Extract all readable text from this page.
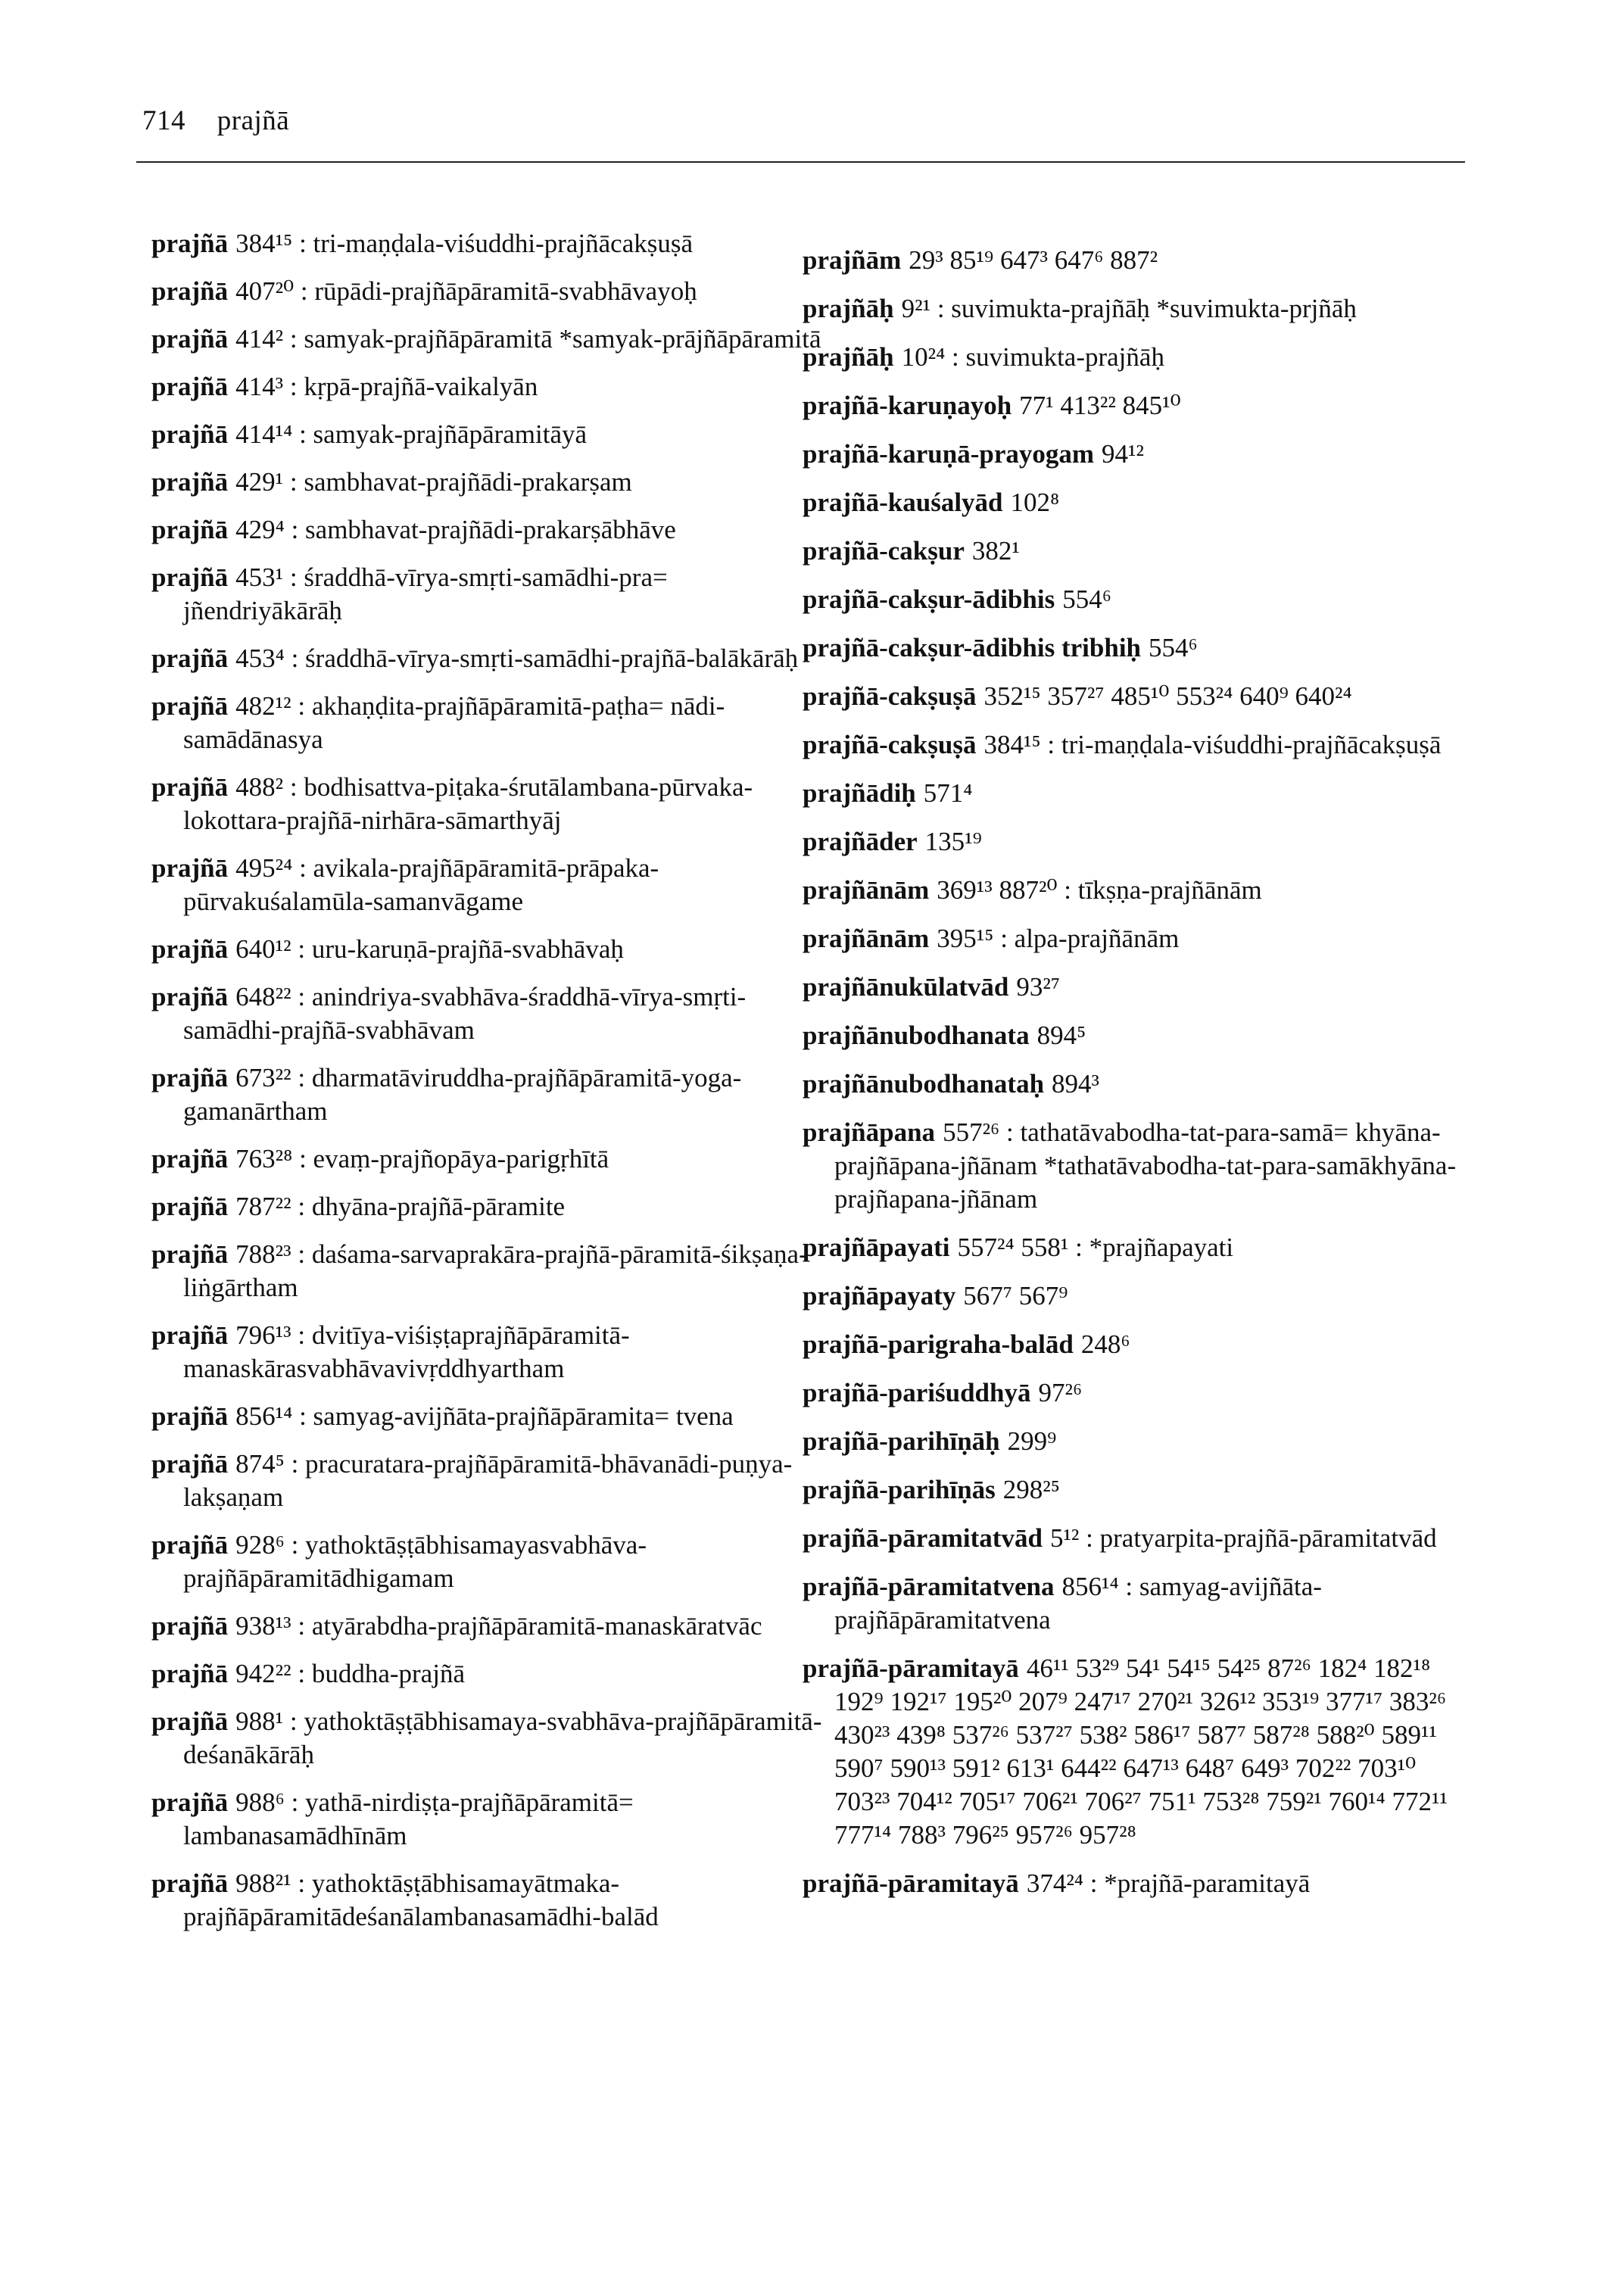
714 prajñā

prajñā 384¹⁵ : tri-maṇḍala-viśuddhi-prajñācakṣuṣā

prajñā 407²⁰ : rūpādi-prajñāpāramitā-svabhāvayoḥ

prajñā 414² : samyak-prajñāpāramitā *samyak-prājñāpāramitā

prajñā 414³ : kṛpā-prajñā-vaikalyān

prajñā 414¹⁴ : samyak-prajñāpāramitāyā

prajñā 429¹ : sambhavat-prajñādi-prakarṣam

prajñā 429⁴ : sambhavat-prajñādi-prakarṣābhāve

prajñā 453¹ : śraddhā-vīrya-smṛti-samādhi-pra= jñendriyākārāḥ

prajñā 453⁴ : śraddhā-vīrya-smṛti-samādhi-prajñā-balākārāḥ

prajñā 482¹² : akhaṇḍita-prajñāpāramitā-paṭha= nādi-samādānasya

prajñā 488² : bodhisattva-piṭaka-śrutālambana-pūrvaka-lokottara-prajñā-nirhāra-sāmarthyāj

prajñā 495²⁴ : avikala-prajñāpāramitā-prāpaka-pūrvakuśalamūla-samanvāgame

prajñā 640¹² : uru-karuṇā-prajñā-svabhāvaḥ

prajñā 648²² : anindriya-svabhāva-śraddhā-vīrya-smṛti-samādhi-prajñā-svabhāvam

prajñā 673²² : dharmatāviruddha-prajñāpāramitā-yoga-gamanārtham

prajñā 763²⁸ : evaṃ-prajñopāya-parigṛhītā

prajñā 787²² : dhyāna-prajñā-pāramite

prajñā 788²³ : daśama-sarvaprakāra-prajñā-pāramitā-śikṣaṇa-liṅgārtham

prajñā 796¹³ : dvitīya-viśiṣṭaprajñāpāramitā-manaskārasvabhāvavivṛddhyartham

prajñā 856¹⁴ : samyag-avijñāta-prajñāpāramita= tvena

prajñā 874⁵ : pracuratara-prajñāpāramitā-bhāvanādi-puṇya-lakṣaṇam

prajñā 928⁶ : yathoktāṣṭābhisamayasvabhāva-prajñāpāramitādhigamam

prajñā 938¹³ : atyārabdha-prajñāpāramitā-manaskāratvāc

prajñā 942²² : buddha-prajñā

prajñā 988¹ : yathoktāṣṭābhisamaya-svabhāva-prajñāpāramitā-deśanākārāḥ

prajñā 988⁶ : yathā-nirdiṣṭa-prajñāpāramitā= lambanasamādhīnām

prajñā 988²¹ : yathoktāṣṭābhisamayātmaka-prajñāpāramitādeśanālambanasamādhi-balād

prajñām 29³ 85¹⁹ 647³ 647⁶ 887²

prajñāḥ 9²¹ : suvimukta-prajñāḥ *suvimukta-prjñāḥ

prajñāḥ 10²⁴ : suvimukta-prajñāḥ

prajñā-karuṇayoḥ 77¹ 413²² 845¹⁰

prajñā-karuṇā-prayogam 94¹²

prajñā-kauśalyād 102⁸

prajñā-cakṣur 382¹

prajñā-cakṣur-ādibhis 554⁶

prajñā-cakṣur-ādibhis tribhiḥ 554⁶

prajñā-cakṣuṣā 352¹⁵ 357²⁷ 485¹⁰ 553²⁴ 640⁹ 640²⁴

prajñā-cakṣuṣā 384¹⁵ : tri-maṇḍala-viśuddhi-prajñācakṣuṣā

prajñādiḥ 571⁴

prajñāder 135¹⁹

prajñānām 369¹³ 887²⁰ : tīkṣṇa-prajñānām

prajñānām 395¹⁵ : alpa-prajñānām

prajñānukūlatvād 93²⁷

prajñānubodhanata 894⁵

prajñānubodhanataḥ 894³

prajñāpana 557²⁶ : tathatāvabodha-tat-para-samā= khyāna-prajñāpana-jñānam *tathatāvabodha-tat-para-samākhyāna-prajñapana-jñānam

prajñāpayati 557²⁴ 558¹ : *prajñapayati

prajñāpayaty 567⁷ 567⁹

prajñā-parigraha-balād 248⁶

prajñā-pariśuddhyā 97²⁶

prajñā-parihīṇāḥ 299⁹

prajñā-parihīṇās 298²⁵

prajñā-pāramitatvād 5¹² : pratyarpita-prajñā-pāramitatvād

prajñā-pāramitatvena 856¹⁴ : samyag-avijñāta-prajñāpāramitatvena

prajñā-pāramitayā 46¹¹ 53²⁹ 54¹ 54¹⁵ 54²⁵ 87²⁶ 182⁴ 182¹⁸ 192⁹ 192¹⁷ 195²⁰ 207⁹ 247¹⁷ 270²¹ 326¹² 353¹⁹ 377¹⁷ 383²⁶ 430²³ 439⁸ 537²⁶ 537²⁷ 538² 586¹⁷ 587⁷ 587²⁸ 588²⁰ 589¹¹ 590⁷ 590¹³ 591² 613¹ 644²² 647¹³ 648⁷ 649³ 702²² 703¹⁰ 703²³ 704¹² 705¹⁷ 706²¹ 706²⁷ 751¹ 753²⁸ 759²¹ 760¹⁴ 772¹¹ 777¹⁴ 788³ 796²⁵ 957²⁶ 957²⁸

prajñā-pāramitayā 374²⁴ : *prajñā-paramitayā
